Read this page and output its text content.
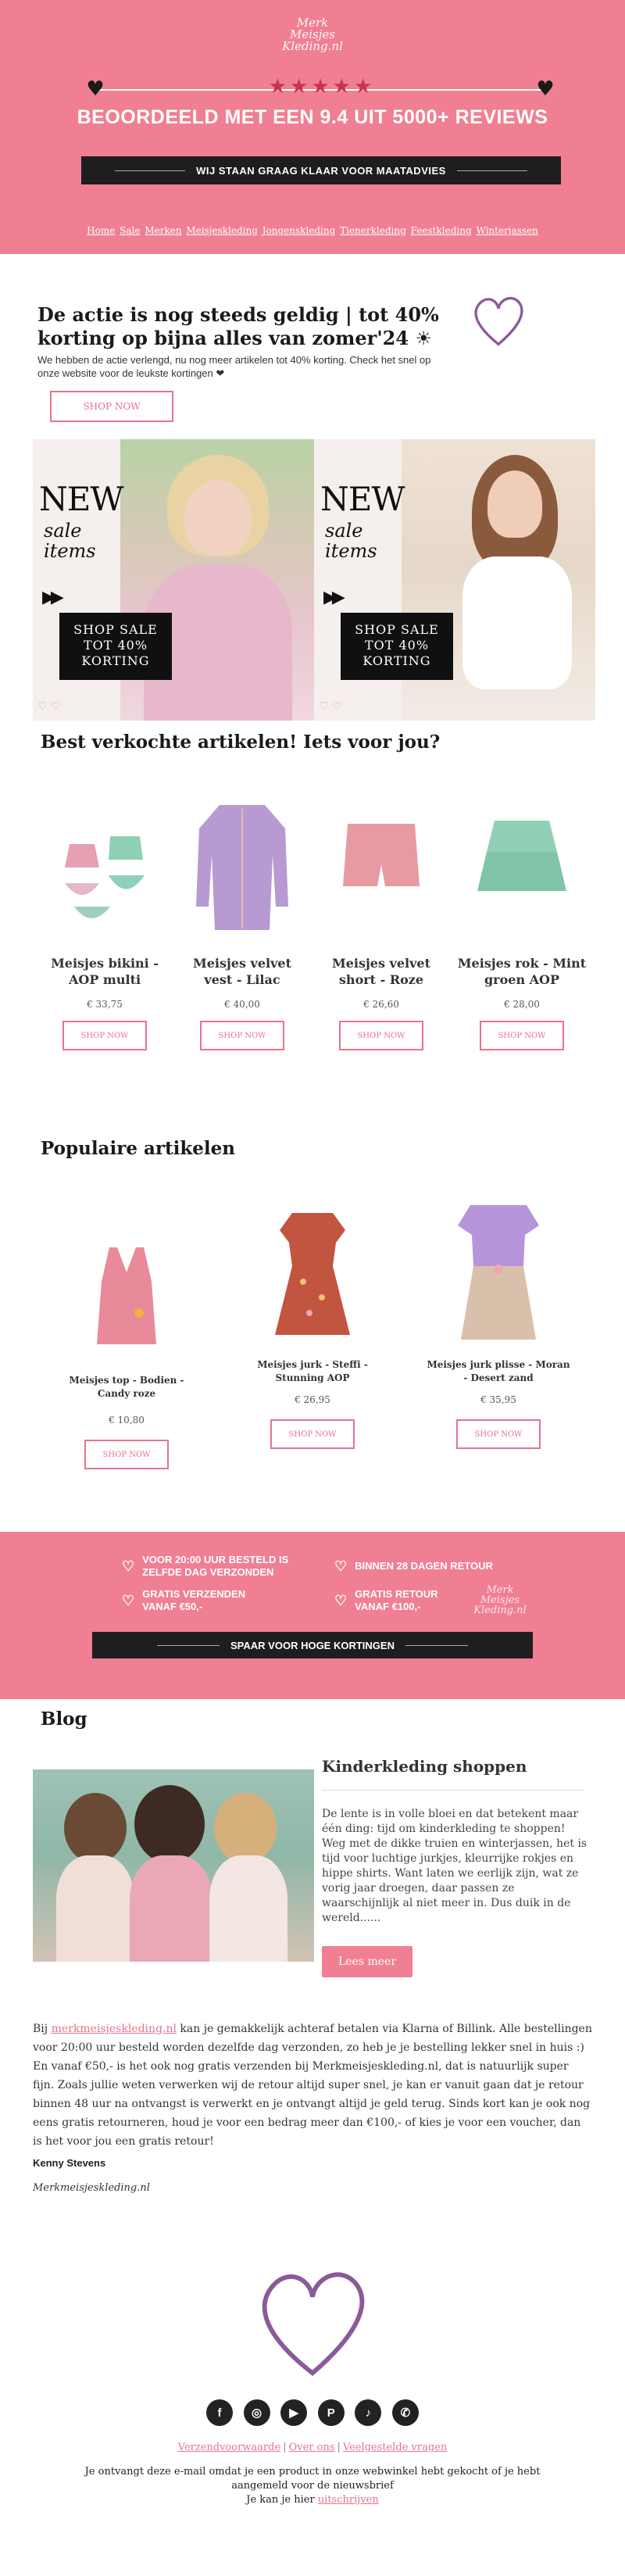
Merk
Meisjes
Kleding.nl
♥	♥
★ ★ ★ ★ ★
BEOORDEELD MET EEN 9.4 UIT 5000+ REVIEWS
WIJ STAAN GRAAG KLAAR VOOR MAATADVIES
Home Sale Merken Meisjeskleding Jongenskleding Tienerkleding Feestkleding Winterjassen
De actie is nog steeds geldig | tot 40% korting op bijna alles van zomer'24 ☀
We hebben de actie verlengd, nu nog meer artikelen tot 40% korting. Check het snel op onze website voor de leukste kortingen ❤
SHOP NOW
NEW
sale
items
▶▶
SHOP SALE
TOT 40%
KORTING
♡ ♡
NEW
sale
items
▶▶
SHOP SALE
TOT 40%
KORTING
♡ ♡
Best verkochte artikelen! Iets voor jou?
Meisjes bikini - AOP multi
€ 33,75
SHOP NOW
Meisjes velvet vest - Lilac
€ 40,00
SHOP NOW
Meisjes velvet short - Roze
€ 26,60
SHOP NOW
Meisjes rok - Mint groen AOP
€ 28,00
SHOP NOW
Populaire artikelen
Meisjes top - Bodien - Candy roze
€ 10,80
SHOP NOW
Meisjes jurk - Steffi - Stunning AOP
€ 26,95
SHOP NOW
Meisjes jurk plisse - Moran - Desert zand
€ 35,95
SHOP NOW
♡ VOOR 20:00 UUR BESTELD IS ZELFDE DAG VERZONDEN	♡ BINNEN 28 DAGEN RETOUR
♡ GRATIS VERZENDEN VANAF €50,-	♡ GRATIS RETOUR VANAF €100,-
Merk
Meisjes
Kleding.nl
SPAAR VOOR HOGE KORTINGEN
Blog
Kinderkleding shoppen
De lente is in volle bloei en dat betekent maar één ding: tijd om kinderkleding te shoppen! Weg met de dikke truien en winterjassen, het is tijd voor luchtige jurkjes, kleurrijke rokjes en hippe shirts. Want laten we eerlijk zijn, wat ze vorig jaar droegen, daar passen ze waarschijnlijk al niet meer in. Dus duik in de wereld......
Lees meer
Bij merkmeisjeskleding.nl kan je gemakkelijk achteraf betalen via Klarna of Billink. Alle bestellingen voor 20:00 uur besteld worden dezelfde dag verzonden, zo heb je je bestelling lekker snel in huis :) En vanaf €50,- is het ook nog gratis verzenden bij Merkmeisjeskleding.nl, dat is natuurlijk super fijn. Zoals jullie weten verwerken wij de retour altijd super snel, je kan er vanuit gaan dat je retour binnen 48 uur na ontvangst is verwerkt en je ontvangt altijd je geld terug. Sinds kort kan je ook nog eens gratis retourneren, houd je voor een bedrag meer dan €100,- of kies je voor een voucher, dan is het voor jou een gratis retour!
Kenny Stevens
Merkmeisjeskleding.nl
f	◎	▶	P	♪	✆
Verzendvoorwaarde | Over ons | Veelgestelde vragen
Je ontvangt deze e-mail omdat je een product in onze webwinkel hebt gekocht of je hebt aangemeld voor de nieuwsbrief
Je kan je hier uitschrijven
